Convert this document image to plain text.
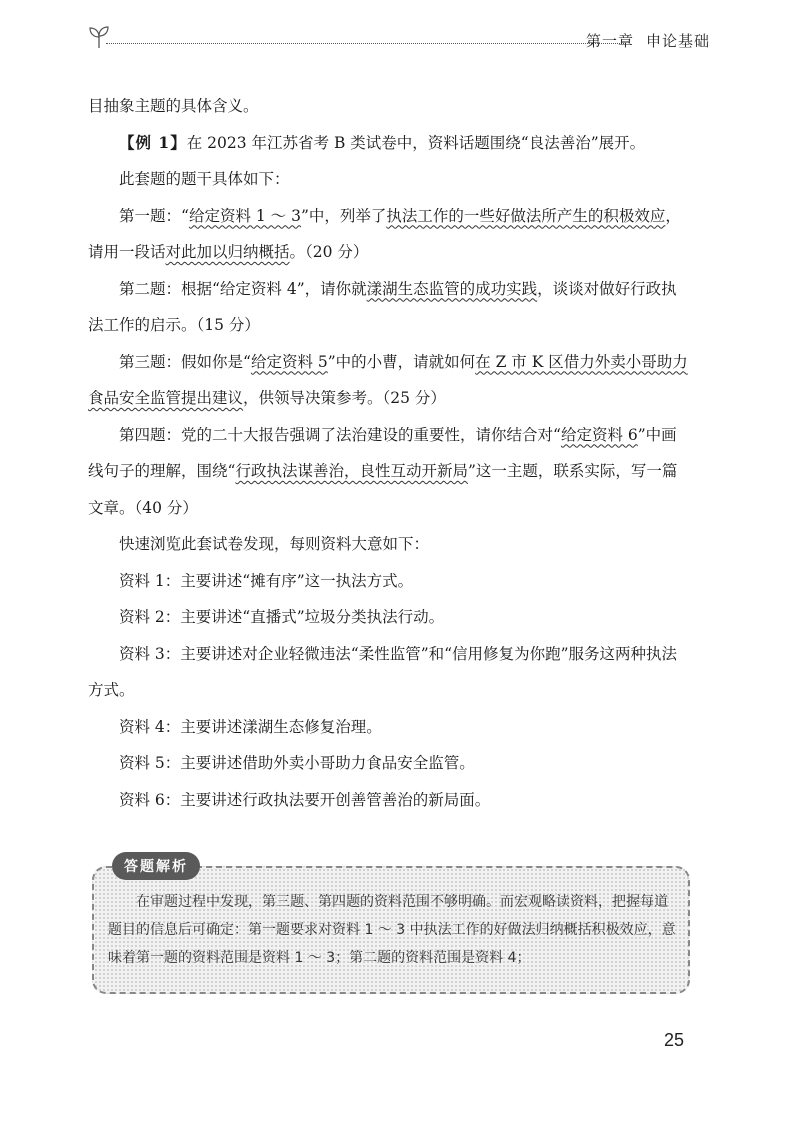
第一章 申论基础

目抽象主题的具体含义。

【例 1】在 2023 年江苏省考 B 类试卷中，资料话题围绕“良法善治”展开。

此套题的题干具体如下：

第一题：“给定资料 1 ～ 3”中，列举了执法工作的一些好做法所产生的积极效应，请用一段话对此加以归纳概括。（20 分）

第二题：根据“给定资料 4”，请你就漾湖生态监管的成功实践，谈谈对做好行政执法工作的启示。（15 分）

第三题：假如你是“给定资料 5”中的小曹，请就如何在 Z 市 K 区借力外卖小哥助力食品安全监管提出建议，供领导决策参考。（25 分）

第四题：党的二十大报告强调了法治建设的重要性，请你结合对“给定资料 6”中画线句子的理解，围绕“行政执法谋善治，良性互动开新局”这一主题，联系实际，写一篇文章。（40 分）

快速浏览此套试卷发现，每则资料大意如下：

资料 1：主要讲述“摊有序”这一执法方式。

资料 2：主要讲述“直播式”垃圾分类执法行动。

资料 3：主要讲述对企业轻微违法“柔性监管”和“信用修复为你跑”服务这两种执法方式。

资料 4：主要讲述漾湖生态修复治理。

资料 5：主要讲述借助外卖小哥助力食品安全监管。

资料 6：主要讲述行政执法要开创善管善治的新局面。

答题解析

在审题过程中发现，第三题、第四题的资料范围不够明确。而宏观略读资料，把握每道题目的信息后可确定：第一题要求对资料 1 ～ 3 中执法工作的好做法归纳概括积极效应，意味着第一题的资料范围是资料 1 ～ 3；第二题的资料范围是资料 4；

25
